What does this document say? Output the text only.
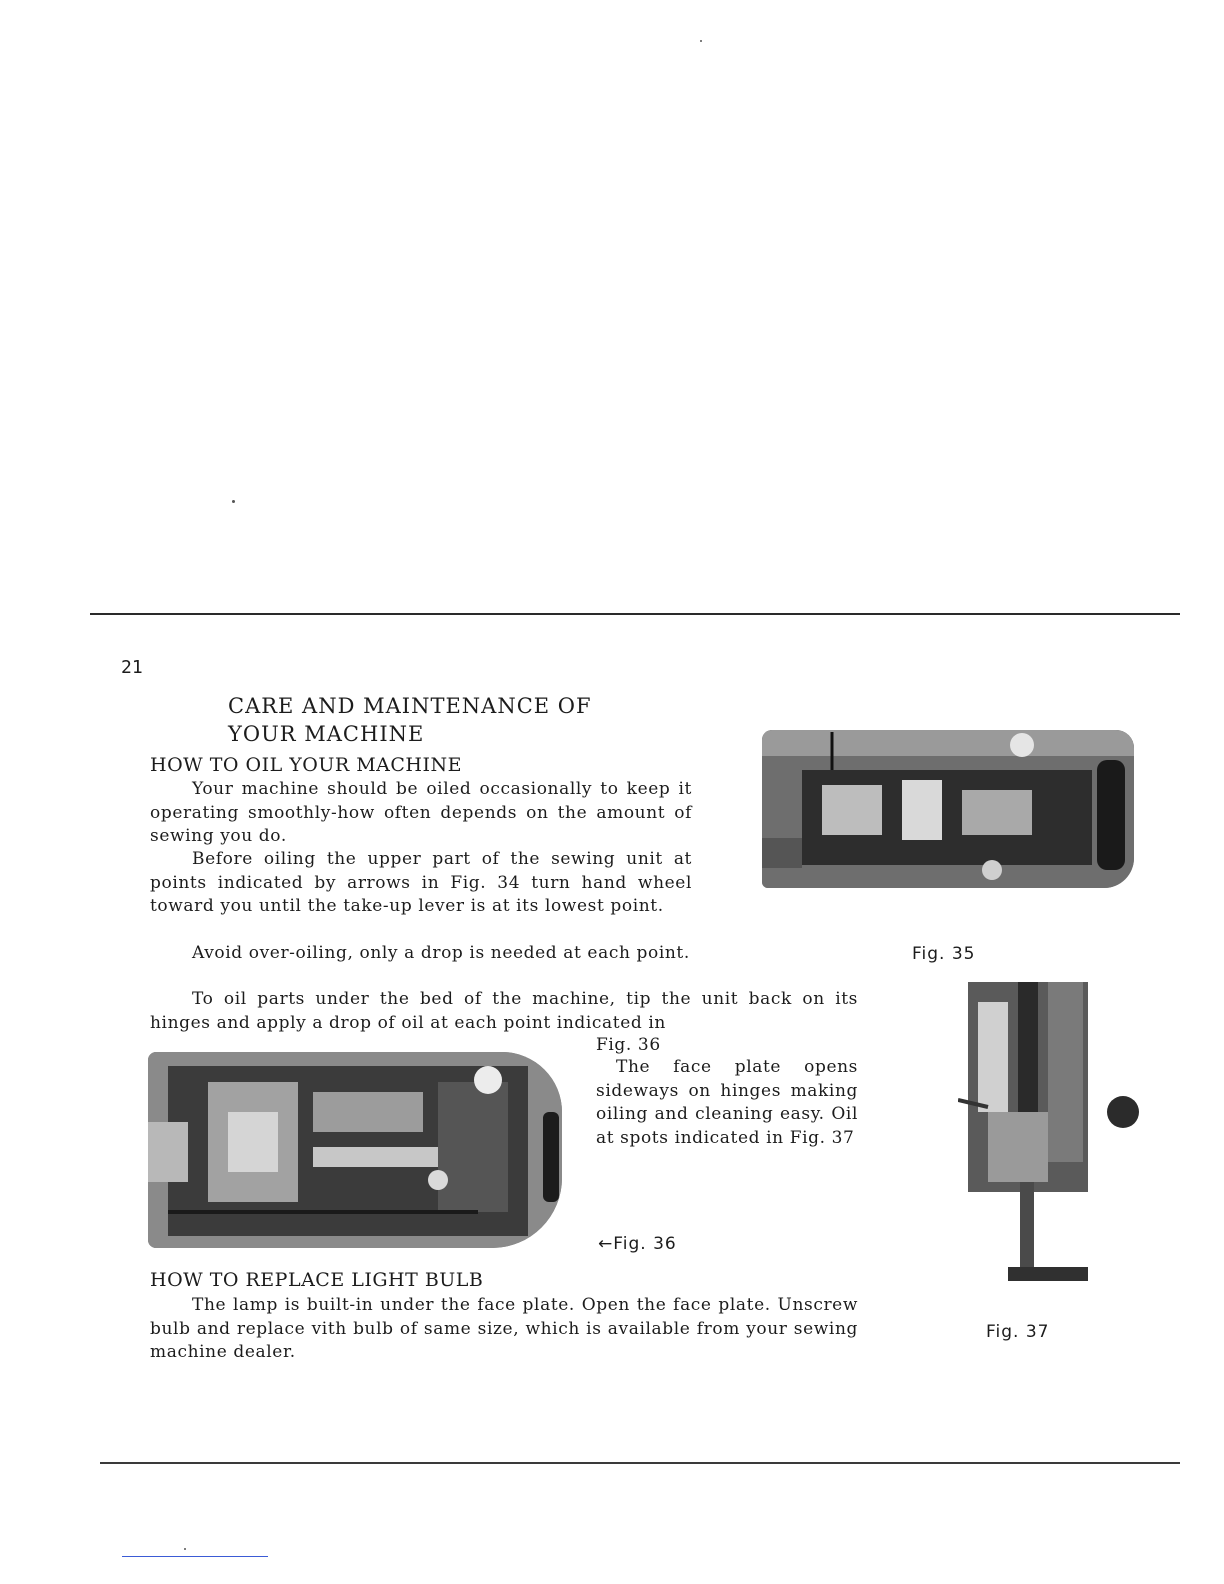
21
CARE AND MAINTENANCE OF
YOUR MACHINE
HOW TO OIL YOUR MACHINE

Your machine should be oiled occasionally to keep it operating smoothly-how often depends on the amount of sewing you do.

Before oiling the upper part of the sewing unit at points indicated by arrows in Fig. 34 turn hand wheel toward you until the take-up lever is at its lowest point.

Avoid over-oiling, only a drop is needed at each point.

To oil parts under the bed of the machine, tip the unit back on its hinges and apply a drop of oil at each point indicated in

Fig. 36

The face plate opens sideways on hinges making oiling and cleaning easy. Oil at spots indicated in Fig. 37

HOW TO REPLACE LIGHT BULB

The lamp is built-in under the face plate. Open the face plate. Unscrew bulb and replace vith bulb of same size, which is available from your sewing machine dealer.

Fig. 35
←Fig. 36
Fig. 37
